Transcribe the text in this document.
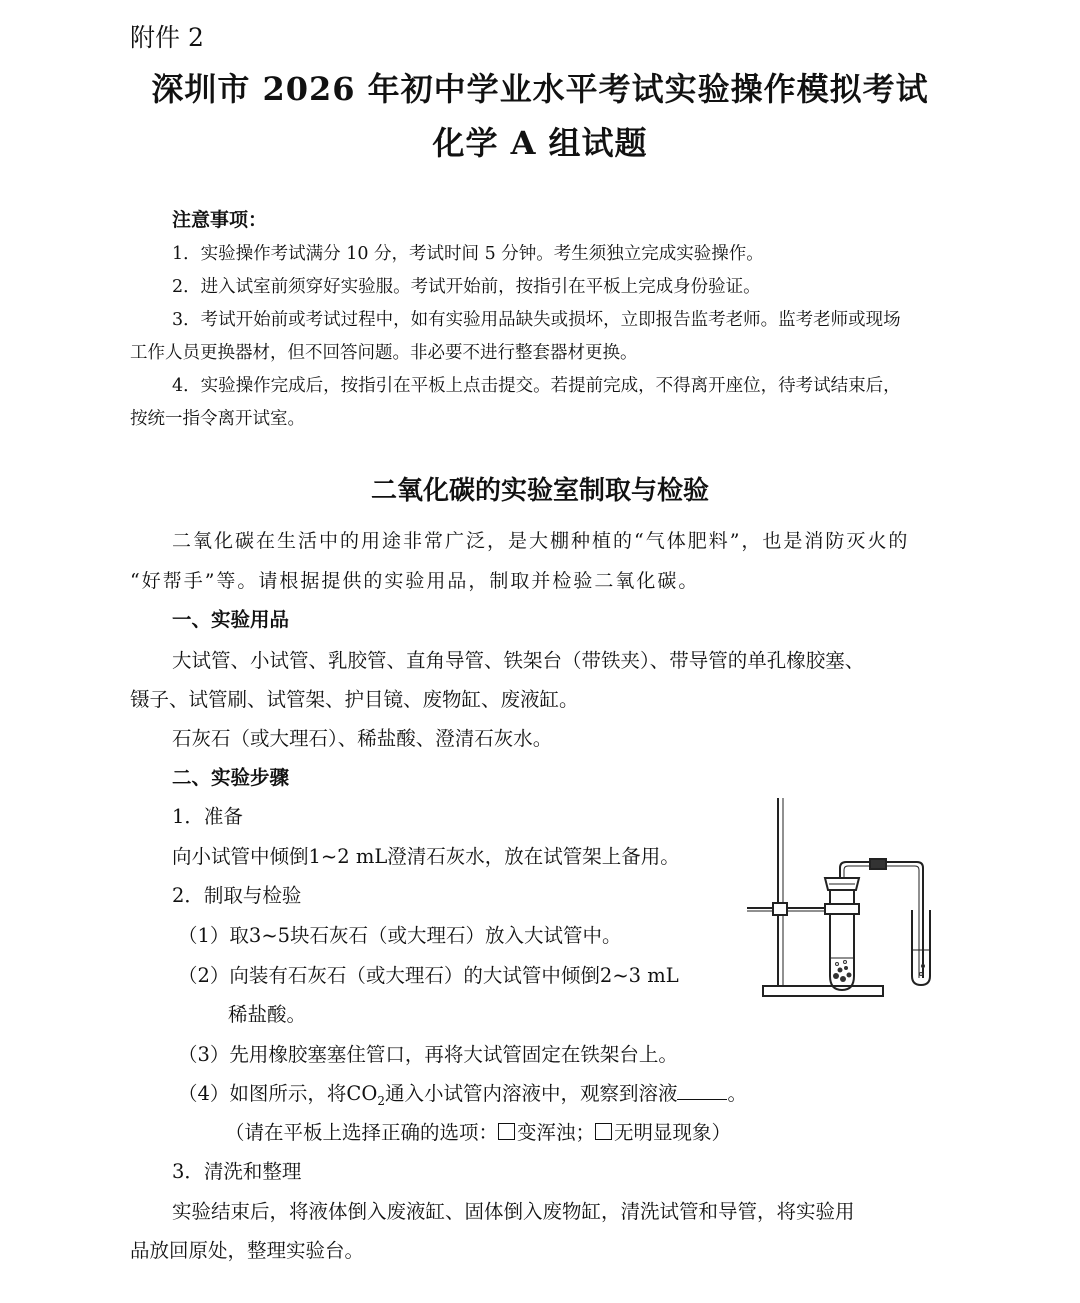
附件 2
深圳市 2026 年初中学业水平考试实验操作模拟考试
化学 A 组试题
注意事项：
1．实验操作考试满分 10 分，考试时间 5 分钟。考生须独立完成实验操作。
2．进入试室前须穿好实验服。考试开始前，按指引在平板上完成身份验证。
3．考试开始前或考试过程中，如有实验用品缺失或损坏，立即报告监考老师。监考老师或现场
工作人员更换器材，但不回答问题。非必要不进行整套器材更换。
4．实验操作完成后，按指引在平板上点击提交。若提前完成，不得离开座位，待考试结束后，
按统一指令离开试室。
二氧化碳的实验室制取与检验
二氧化碳在生活中的用途非常广泛，是大棚种植的“气体肥料”，也是消防灭火的
“好帮手”等。请根据提供的实验用品，制取并检验二氧化碳。
一、实验用品
大试管、小试管、乳胶管、直角导管、铁架台（带铁夹）、带导管的单孔橡胶塞、
镊子、试管刷、试管架、护目镜、废物缸、废液缸。
石灰石（或大理石）、稀盐酸、澄清石灰水。
二、实验步骤
1．准备
向小试管中倾倒1~2 mL澄清石灰水，放在试管架上备用。
2．制取与检验
（1）取3~5块石灰石（或大理石）放入大试管中。
（2）向装有石灰石（或大理石）的大试管中倾倒2~3 mL
稀盐酸。
（3）先用橡胶塞塞住管口，再将大试管固定在铁架台上。
（4）如图所示，将$CO_2$通入小试管内溶液中，观察到溶液	。
（请在平板上选择正确的选项： 变浑浊； 无明显现象）
3．清洗和整理
实验结束后，将液体倒入废液缸、固体倒入废物缸，清洗试管和导管，将实验用
品放回原处，整理实验台。
